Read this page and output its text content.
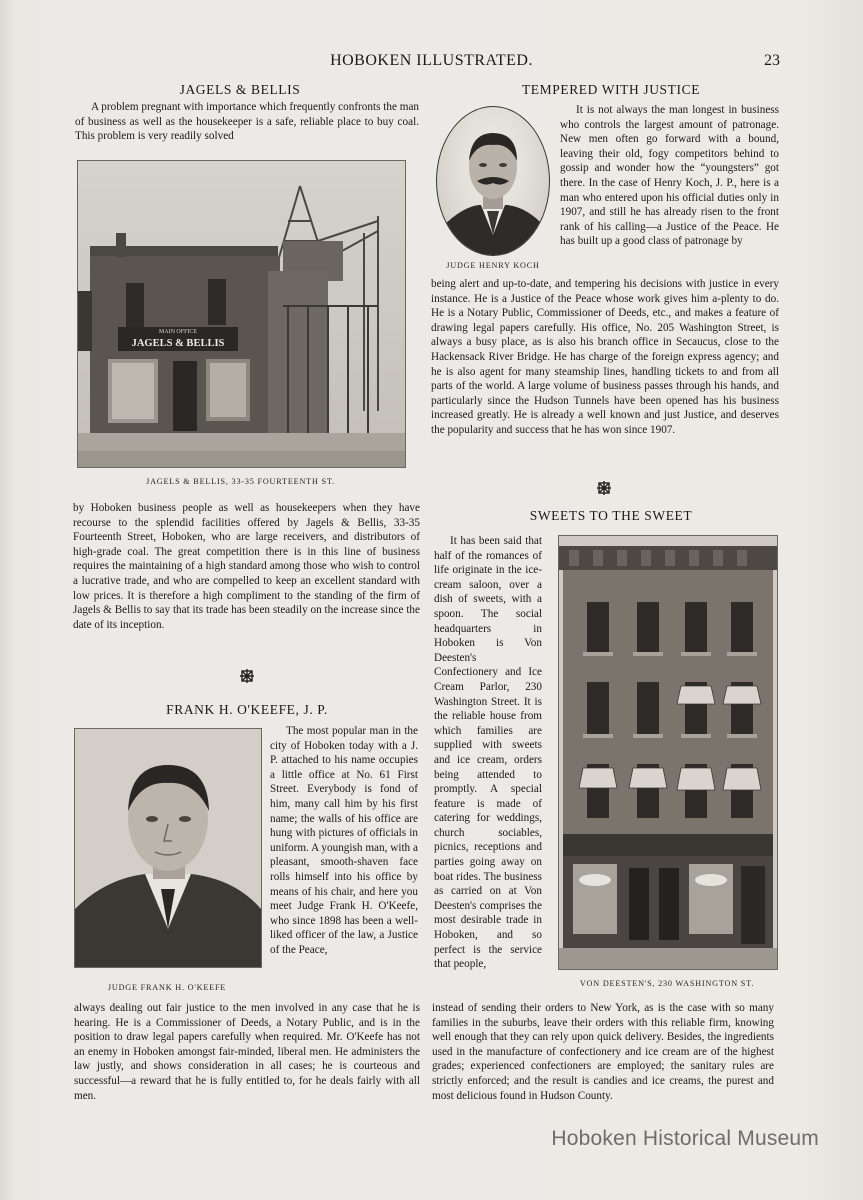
HOBOKEN ILLUSTRATED.	23
JAGELS & BELLIS

A problem pregnant with importance which frequently confronts the man of business as well as the housekeeper is a safe, reliable place to buy coal. This problem is very readily solved

MAIN OFFICE
JAGELS & BELLIS
JAGELS & BELLIS, 33-35 FOURTEENTH ST.

by Hoboken business people as well as housekeepers when they have recourse to the splendid facilities offered by Jagels & Bellis, 33-35 Fourteenth Street, Hoboken, who are large receivers, and distributors of high-grade coal. The great competition there is in this line of business requires the maintaining of a high standard among those who wish to control a lucrative trade, and who are compelled to keep an excellent standard with low prices. It is therefore a high compliment to the standing of the firm of Jagels & Bellis to say that its trade has been steadily on the increase since the date of its inception.

FRANK H. O'KEEFE, J. P.
JUDGE FRANK H. O'KEEFE

The most popular man in the city of Hoboken today with a J. P. attached to his name occupies a little office at No. 61 First Street. Everybody is fond of him, many call him by his first name; the walls of his office are hung with pictures of officials in uniform. A youngish man, with a pleasant, smooth-shaven face rolls himself into his office by means of his chair, and here you meet Judge Frank H. O'Keefe, who since 1898 has been a well-liked officer of the law, a Justice of the Peace,

always dealing out fair justice to the men involved in any case that he is hearing. He is a Commissioner of Deeds, a Notary Public, and is in the position to draw legal papers carefully when required. Mr. O'Keefe has not an enemy in Hoboken amongst fair-minded, liberal men. He administers the law justly, and shows consideration in all cases; he is courteous and successful—a reward that he is fully entitled to, for he deals fairly with all men.

TEMPERED WITH JUSTICE
JUDGE HENRY KOCH

It is not always the man longest in business who controls the largest amount of patronage. New men often go forward with a bound, leaving their old, fogy competitors behind to gossip and wonder how the “youngsters” got there. In the case of Henry Koch, J. P., here is a man who entered upon his official duties only in 1907, and still he has already risen to the front rank of his calling—a Justice of the Peace. He has built up a good class of patronage by

being alert and up-to-date, and tempering his decisions with justice in every instance. He is a Justice of the Peace whose work gives him a-plenty to do. He is a Notary Public, Commissioner of Deeds, etc., and makes a feature of drawing legal papers carefully. His office, No. 205 Washington Street, is always a busy place, as is also his branch office in Secaucus, close to the Hackensack River Bridge. He has charge of the foreign express agency; and he is also agent for many steamship lines, handling tickets to and from all parts of the world. A large volume of business passes through his hands, and particularly since the Hudson Tunnels have been opened has his business increased greatly. He is already a well known and just Justice, and deserves the popularity and success that he has won since 1907.

SWEETS TO THE SWEET

It has been said that half of the romances of life originate in the ice-cream saloon, over a dish of sweets, with a spoon. The social headquarters in Hoboken is Von Deesten's Confectionery and Ice Cream Parlor, 230 Washington Street. It is the reliable house from which families are supplied with sweets and ice cream, orders being attended to promptly. A special feature is made of catering for weddings, church sociables, picnics, receptions and parties going away on boat rides. The business as carried on at Von Deesten's comprises the most desirable trade in Hoboken, and so perfect is the service that people,

VON DEESTEN'S, 230 WASHINGTON ST.

instead of sending their orders to New York, as is the case with so many families in the suburbs, leave their orders with this reliable firm, knowing well enough that they can rely upon quick delivery. Besides, the ingredients used in the manufacture of confectionery and ice cream are of the highest grades; experienced confectioners are employed; the sanitary rules are strictly enforced; and the result is candies and ice creams, the purest and most delicious found in Hudson County.

Hoboken Historical Museum
